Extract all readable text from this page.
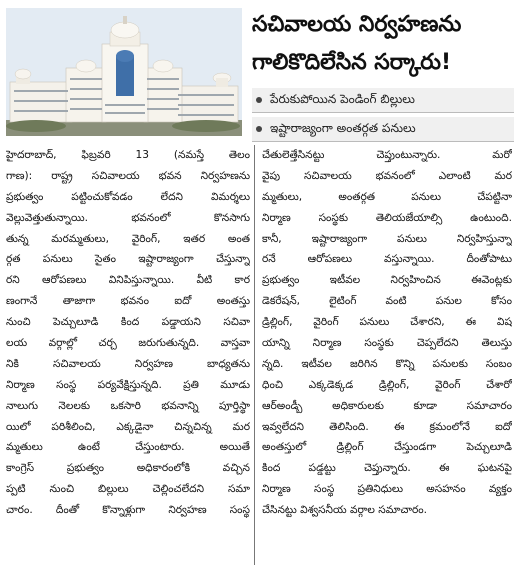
సచివాలయ నిర్వహణను
గాలికొదిలేసిన సర్కారు!
పేరుకుపోయిన పెండింగ్ బిల్లులు
ఇష్టారాజ్యంగా అంతర్గత పనులు
హైదరాబాద్, ఫిబ్రవరి 13 (నమస్తే తెలం
గాణ): రాష్ట్ర సచివాలయ భవన నిర్వహణను
ప్రభుత్వం పట్టించుకోవడం లేదని విమర్శలు
వెల్లువెత్తుతున్నాయి. భవనంలో కొనసాగు
తున్న మరమ్మతులు, వైరింగ్, ఇతర అంత
ర్గత పనులు సైతం ఇష్టారాజ్యంగా చేస్తున్నా
రని ఆరోపణలు వినిపిస్తున్నాయి. వీటి కార
ణంగానే తాజాగా భవనం ఐదో అంతస్తు
నుంచి పెచ్చులూడి కింద పడ్డాయని సచివా
లయ వర్గాల్లో చర్చ జరుగుతున్నది. వాస్తవా
నికి సచివాలయ నిర్వహణ బాధ్యతను
నిర్మాణ సంస్థ పర్యవేక్షిస్తున్నది. ప్రతి మూడు
నాలుగు నెలలకు ఒకసారి భవనాన్ని పూర్తిస్థా
యిలో పరిశీలించి, ఎక్కడైనా చిన్నచిన్న మర
మ్మతులు ఉంటే చేస్తుంటారు. అయితే
కాంగ్రెస్ ప్రభుత్వం అధికారంలోకి వచ్చిన
ప్పటి నుంచి బిల్లులు చెల్లించలేదని సమా
చారం. దీంతో కొన్నాళ్లుగా నిర్వహణ సంస్థ
చేతులెత్తేసినట్టు చెప్తుంటున్నారు. మరో
వైపు సచివాలయ భవనంలో ఎలాంటి మర
మ్మతులు, అంతర్గత పనులు చేపట్టినా
నిర్మాణ సంస్థకు తెలియజేయాల్సి ఉంటుంది.
కానీ, ఇష్టారాజ్యంగా పనులు నిర్వహిస్తున్నా
రనే ఆరోపణలు వస్తున్నాయి. దీంతోపాటు
ప్రభుత్వం ఇటీవల నిర్వహించిన ఈవెంట్లకు
డెకరేషన్, లైటింగ్ వంటి పనుల కోసం
డ్రిల్లింగ్, వైరింగ్ పనులు చేశారని, ఈ విష
యాన్ని నిర్మాణ సంస్థకు చెప్పలేదని తెలుస్తు
న్నది. ఇటీవల జరిగిన కొన్ని పనులకు సంబం
ధించి ఎక్కడెక్కడ డ్రిల్లింగ్, వైరింగ్ చేశారో
ఆర్అండ్బీ అధికారులకు కూడా సమాచారం
ఇవ్వలేదని తెలిసింది. ఈ క్రమంలోనే ఐదో
అంతస్తులో డ్రిల్లింగ్ చేస్తుండగా పెచ్చులూడి
కింద పడ్డట్టు చెప్తున్నారు. ఈ ఘటనపై
నిర్మాణ సంస్థ ప్రతినిధులు అసహనం వ్యక్తం
చేసినట్టు విశ్వసనీయ వర్గాల సమాచారం.
